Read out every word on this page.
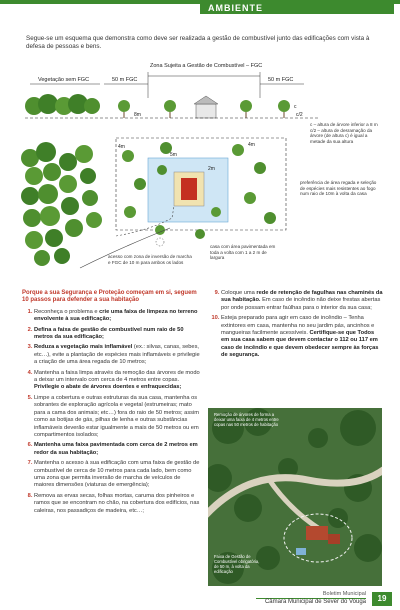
AMBIENTE
Segue-se um esquema que demonstra como deve ser realizada a gestão de combustível junto das edificações com vista à defesa de pessoas e bens.
Zona Sujeita a Gestão de Combustível – FGC
Vegetação sem FGC	50 m FGC	50 m FGC
8m
c
c/2
c – altura de árvore inferior a 8 m c/2 – altura de desramação da árvore (de altura c) é igual a metade da sua altura
4m
5m
2m
4m
preferência de área regada e seleção de espécies mais resistentes ao fogo num raio de 10m à volta da casa
acesso com zona de inversão de marcha e FGC de 10 m para ambos os lados
casa com área pavimentada em toda a volta com 1 a 2 m de largura

Porque a sua Segurança e Proteção começam em si, seguem 10 passos para defender a sua habitação

1. Reconheça o problema e crie uma faixa de limpeza no terreno envolvente à sua edificação;
2. Defina a faixa de gestão de combustível num raio de 50 metros da sua edificação;
3. Reduza a vegetação mais inflamável (ex.: silvas, canas, sebes, etc…), evite a plantação de espécies mais inflamáveis e privilegie a criação de uma área regada de 10 metros;
4. Mantenha a faixa limpa através da remoção das árvores de modo a deixar um intervalo com cerca de 4 metros entre copas. Privilegie o abate de árvores doentes e enfraquecidas;
5. Limpe a cobertura e outras estruturas da sua casa, mantenha os sobrantes de exploração agrícola e vegetal (estrumeiras; mato para a cama dos animais; etc…) fora do raio de 50 metros; assim como as botijas de gás, pilhas de lenha e outras substâncias inflamáveis deverão estar igualmente a mais de 50 metros ou em compartimentos isolados;
6. Mantenha uma faixa pavimentada com cerca de 2 metros em redor da sua habitação;
7. Mantenha o acesso à sua edificação com uma faixa de gestão de combustível de cerca de 10 metros para cada lado, bem como uma zona que permita inversão de marcha de veículos de maiores dimensões (viaturas de emergência);
8. Remova as ervas secas, folhas mortas, caruma dos pinheiros e ramos que se encontram no chão, na cobertura dos edifícios, nas caleiras, nos passadiços de madeira, etc…;
9. Coloque uma rede de retenção de fagulhas nas chaminés da sua habitação. Em caso de incêndio não deixe frestas abertas por onde possam entrar faúlhas para o interior da sua casa;
10. Esteja preparado para agir em caso de incêndio – Tenha extintores em casa, mantenha no seu jardim pás, ancinhos e mangueiras facilmente acessíveis. Certifique-se que Todos em sua casa sabem que devem contactar o 112 ou 117 em caso de incêndio e que devem obedecer sempre às forças de segurança.
Remoção de árvores de forma a deixar uma faixa de 4 metros entre copas nas 50 metros de habitação
Faixa de Gestão de Combustível obrigatória, de 50 m, à volta da edificação
Boletim Municipal
Câmara Municipal de Sever do Vouga	19
